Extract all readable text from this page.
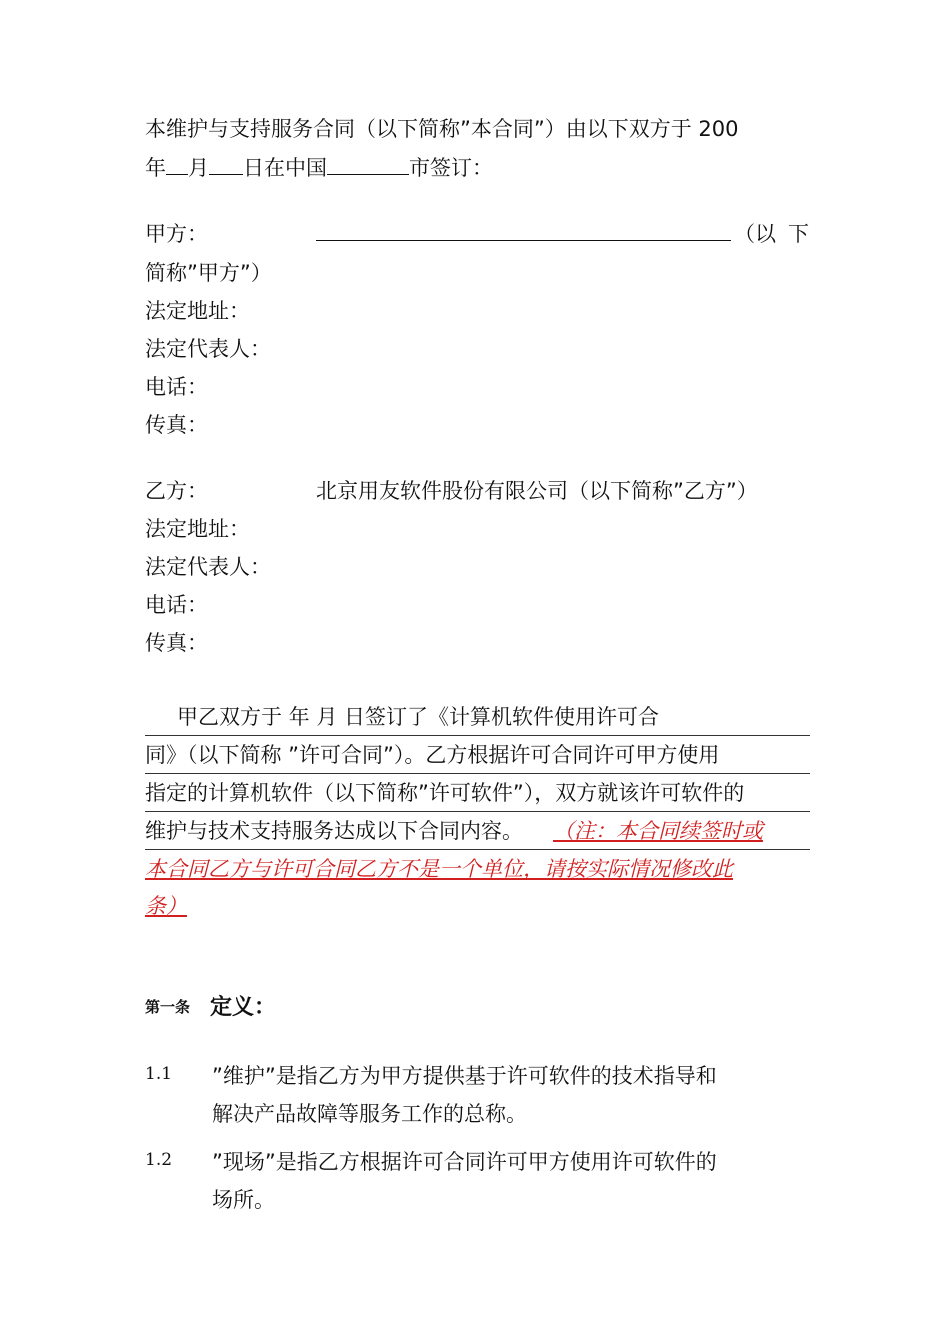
本维护与支持服务合同（以下简称”本合同”）由以下双方于 200
年 月 日在中国	市签订：
甲方：	（以 下
简称”甲方”）
法定地址：
法定代表人：
电话：
传真：
乙方：	北京用友软件股份有限公司（以下简称”乙方”）
法定地址：
法定代表人：
电话：
传真：
甲乙双方于 年 月 日签订了《计算机软件使用许可合
同》（以下简称 ”许可合同”）。乙方根据许可合同许可甲方使用
指定的计算机软件（以下简称”许可软件”），双方就该许可软件的
维护与技术支持服务达成以下合同内容。 （注：本合同续签时或
本合同乙方与许可合同乙方不是一个单位，请按实际情况修改此
条）
第一条 定义：
1.1 ”维护”是指乙方为甲方提供基于许可软件的技术指导和
解决产品故障等服务工作的总称。
1.2 ”现场”是指乙方根据许可合同许可甲方使用许可软件的
场所。
